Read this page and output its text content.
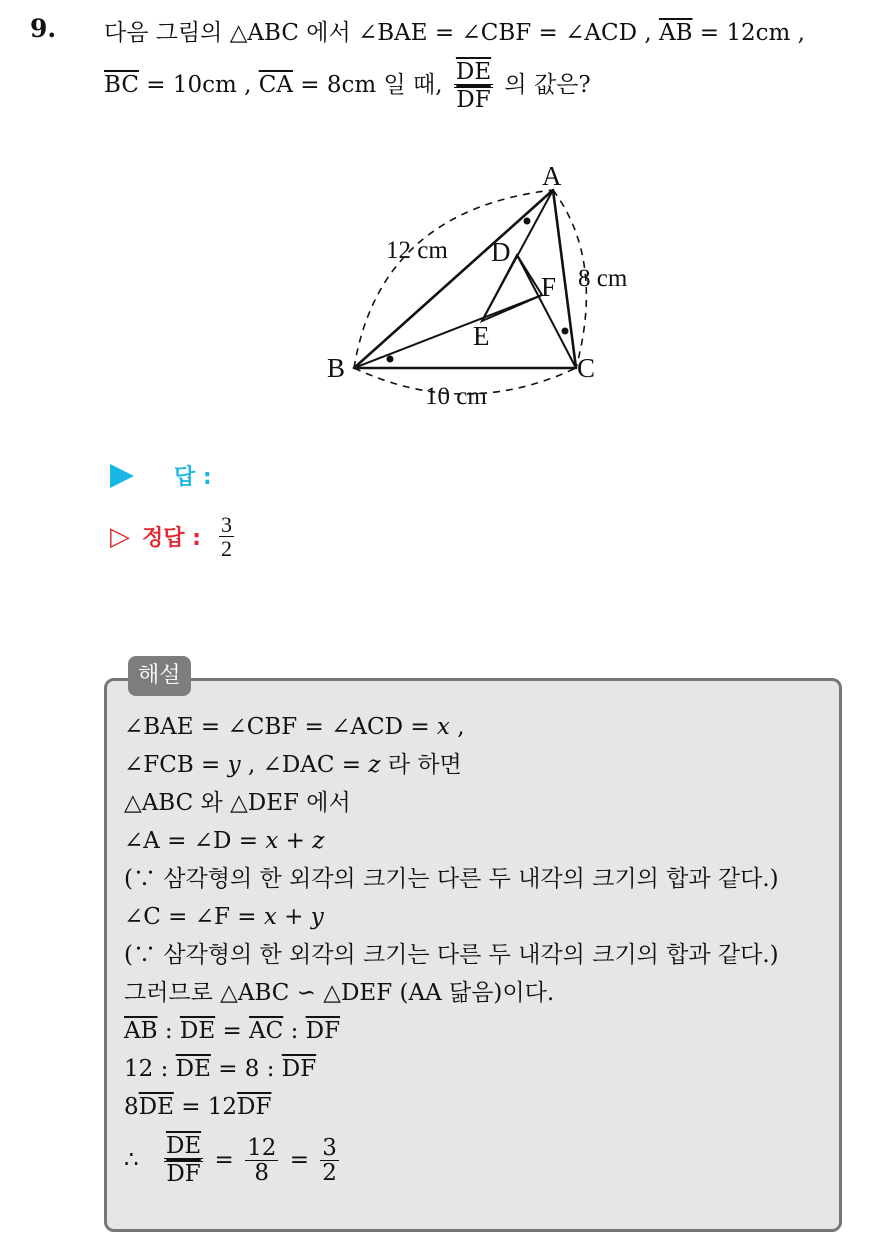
9. 다음 그림의 △ABC 에서 ∠BAE = ∠CBF = ∠ACD , $\overline{AB} = 12cm$ ,
$\overline{BC} = 10cm$ , $\overline{CA} = 8cm$ 일 때, $\frac{\overline{DE}}{DF}$ 의 값은?
A
B	C
D
E
F
12 cm
8 cm
10 cm
답 :
▷ 정답 : $\frac{3}{2}$
해설
∠BAE = ∠CBF = ∠ACD = x ,
∠FCB = y , ∠DAC = z 라 하면
△ABC 와 △DEF 에서
∠A = ∠D = x + z
(∵ 삼각형의 한 외각의 크기는 다른 두 내각의 크기의 합과 같다.)
∠C = ∠F = x + y
(∵ 삼각형의 한 외각의 크기는 다른 두 내각의 크기의 합과 같다.)
그러므로 △ABC ∽ △DEF (AA 닮음)이다.
$\overline{AB}$ : $\overline{DE} = \overline{AC}$ : $\overline{DF}$
12 : $\overline{DE} = 8$ : $\overline{DF}$
$8\overline{DE} = 12\overline{DF}$
∴ $\frac{\overline{DE}}{DF} = \frac{12}{8} = \frac{3}{2}$
